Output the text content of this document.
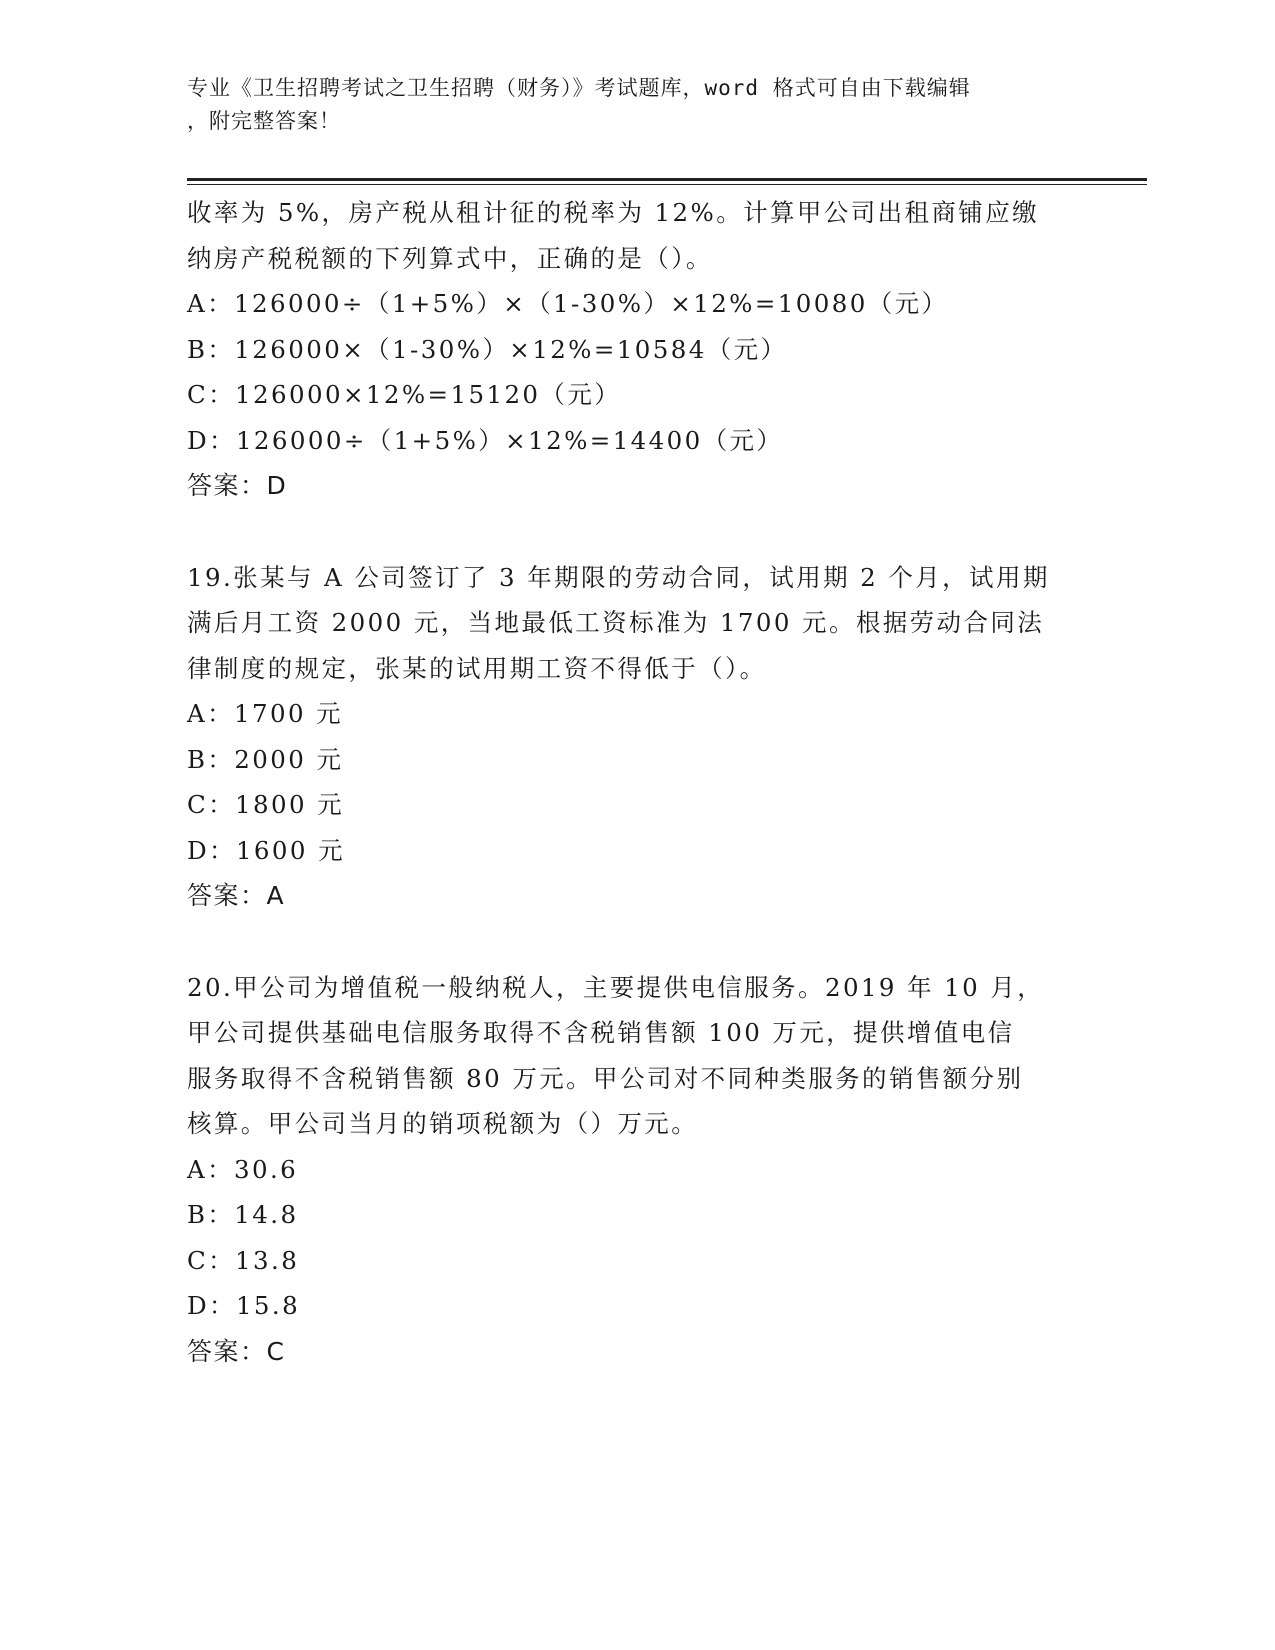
专业《卫生招聘考试之卫生招聘（财务）》考试题库，word 格式可自由下载编辑
，附完整答案！
收率为 5%，房产税从租计征的税率为 12%。计算甲公司出租商铺应缴
纳房产税税额的下列算式中，正确的是（）。
A：126000÷（1+5%）×（1-30%）×12%=10080（元）
B：126000×（1-30%）×12%=10584（元）
C：126000×12%=15120（元）
D：126000÷（1+5%）×12%=14400（元）
答案：D
19.张某与 A 公司签订了 3 年期限的劳动合同，试用期 2 个月，试用期
满后月工资 2000 元，当地最低工资标准为 1700 元。根据劳动合同法
律制度的规定，张某的试用期工资不得低于（）。
A：1700 元
B：2000 元
C：1800 元
D：1600 元
答案：A
20.甲公司为增值税一般纳税人，主要提供电信服务。2019 年 10 月，
甲公司提供基础电信服务取得不含税销售额 100 万元，提供增值电信
服务取得不含税销售额 80 万元。甲公司对不同种类服务的销售额分别
核算。甲公司当月的销项税额为（）万元。
A：30.6
B：14.8
C：13.8
D：15.8
答案：C
